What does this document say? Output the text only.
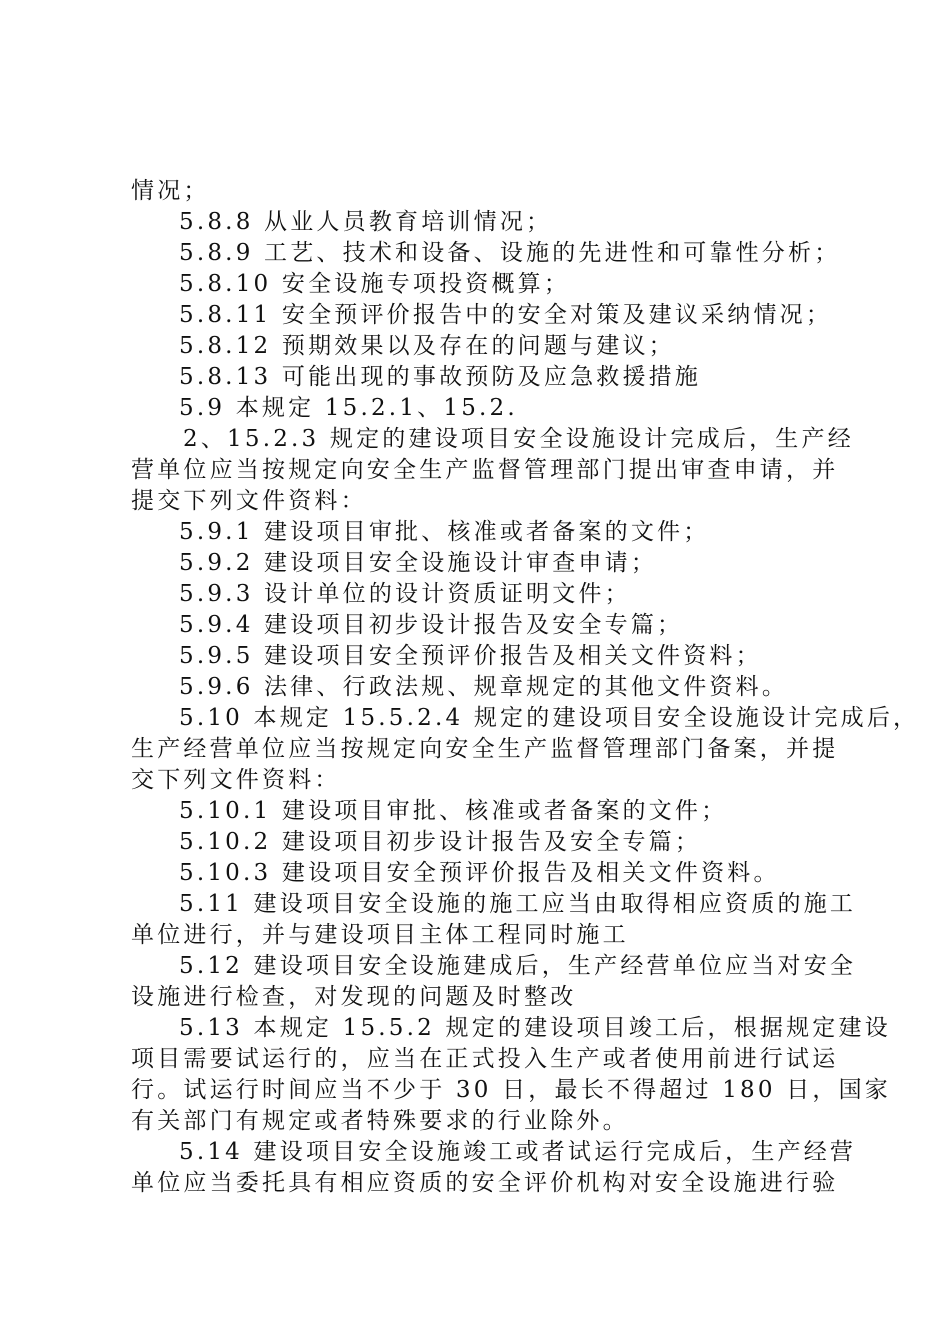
情况；
5.8.8 从业人员教育培训情况；
5.8.9 工艺、技术和设备、设施的先进性和可靠性分析；
5.8.10 安全设施专项投资概算；
5.8.11 安全预评价报告中的安全对策及建议采纳情况；
5.8.12 预期效果以及存在的问题与建议；
5.8.13 可能出现的事故预防及应急救援措施
5.9 本规定 15.2.1、15.2.
2、15.2.3 规定的建设项目安全设施设计完成后，生产经
营单位应当按规定向安全生产监督管理部门提出审查申请，并
提交下列文件资料：
5.9.1 建设项目审批、核准或者备案的文件；
5.9.2 建设项目安全设施设计审查申请；
5.9.3 设计单位的设计资质证明文件；
5.9.4 建设项目初步设计报告及安全专篇；
5.9.5 建设项目安全预评价报告及相关文件资料；
5.9.6 法律、行政法规、规章规定的其他文件资料。
5.10 本规定 15.5.2.4 规定的建设项目安全设施设计完成后，
生产经营单位应当按规定向安全生产监督管理部门备案，并提
交下列文件资料：
5.10.1 建设项目审批、核准或者备案的文件；
5.10.2 建设项目初步设计报告及安全专篇；
5.10.3 建设项目安全预评价报告及相关文件资料。
5.11 建设项目安全设施的施工应当由取得相应资质的施工
单位进行，并与建设项目主体工程同时施工
5.12 建设项目安全设施建成后，生产经营单位应当对安全
设施进行检查，对发现的问题及时整改
5.13 本规定 15.5.2 规定的建设项目竣工后，根据规定建设
项目需要试运行的，应当在正式投入生产或者使用前进行试运
行。试运行时间应当不少于 30 日，最长不得超过 180 日，国家
有关部门有规定或者特殊要求的行业除外。
5.14 建设项目安全设施竣工或者试运行完成后，生产经营
单位应当委托具有相应资质的安全评价机构对安全设施进行验
